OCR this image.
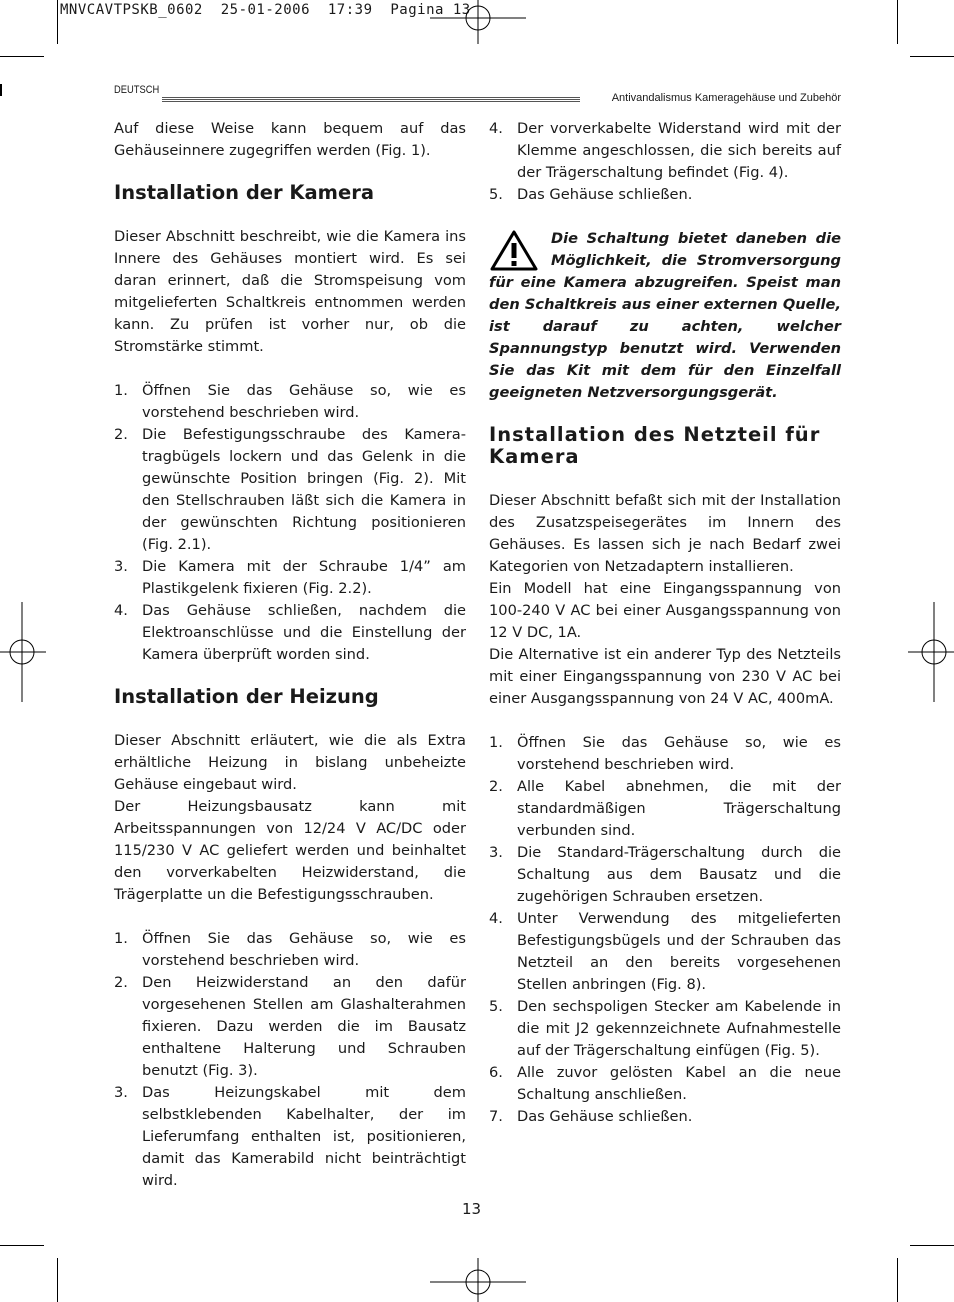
MNVCAVTPSKB_0602  25-01-2006  17:39  Pagina 13
DEUTSCH
Antivandalismus Kameragehäuse und Zubehör

Auf diese Weise kann bequem auf das Gehäuseinnere zugegriffen werden (Fig. 1).

Installation der Kamera

Dieser Abschnitt beschreibt, wie die Kamera ins Innere des Gehäuses montiert wird. Es sei daran erinnert, daß die Stromspeisung vom mitgelieferten Schaltkreis entnommen werden kann. Zu prüfen ist vorher nur, ob die Stromstärke stimmt.

1. Öffnen Sie das Gehäuse so, wie es vorstehend beschrieben wird.
2. Die Befestigungsschraube des Kamera-tragbügels lockern und das Gelenk in die gewünschte Position bringen (Fig. 2). Mit den Stellschrauben läßt sich die Kamera in der gewünschten Richtung positionieren (Fig. 2.1).
3. Die Kamera mit der Schraube 1/4” am Plastikgelenk fixieren (Fig. 2.2).
4. Das Gehäuse schließen, nachdem die Elektroanschlüsse und die Einstellung der Kamera überprüft worden sind.
Installation der Heizung

Dieser Abschnitt erläutert, wie die als Extra erhältliche Heizung in bislang unbeheizte Gehäuse eingebaut wird.

Der Heizungsbausatz kann mit Arbeitsspannungen von 12/24 V AC/DC oder 115/230 V AC geliefert werden und beinhaltet den vorverkabelten Heizwiderstand, die Trägerplatte un die Befestigungsschrauben.

1. Öffnen Sie das Gehäuse so, wie es vorstehend beschrieben wird.
2. Den Heizwiderstand an den dafür vorgesehenen Stellen am Glashalterahmen fixieren. Dazu werden die im Bausatz enthaltene Halterung und Schrauben benutzt (Fig. 3).
3. Das Heizungskabel mit dem selbstklebenden Kabelhalter, der im Lieferumfang enthalten ist, positionieren, damit das Kamerabild nicht beinträchtigt wird.
4. Der vorverkabelte Widerstand wird mit der Klemme angeschlossen, die sich bereits auf der Trägerschaltung befindet (Fig. 4).
5. Das Gehäuse schließen.
Die Schaltung bietet daneben die Möglichkeit, die Stromversorgung für eine Kamera abzugreifen. Speist man den Schaltkreis aus einer externen Quelle, ist darauf zu achten, welcher Spannungstyp benutzt wird. Verwenden Sie das Kit mit dem für den Einzelfall geeigneten Netzversorgungsgerät.
Installation des Netzteil für Kamera

Dieser Abschnitt befaßt sich mit der Installation des Zusatzspeisegerätes im Innern des Gehäuses. Es lassen sich je nach Bedarf zwei Kategorien von Netzadaptern installieren.

Ein Modell hat eine Eingangsspannung von 100-240 V AC bei einer Ausgangsspannung von 12 V DC, 1A.

Die Alternative ist ein anderer Typ des Netzteils mit einer Eingangsspannung von 230 V AC bei einer Ausgangsspannung von 24 V AC, 400mA.

1. Öffnen Sie das Gehäuse so, wie es vorstehend beschrieben wird.
2. Alle Kabel abnehmen, die mit der standardmäßigen Trägerschaltung verbunden sind.
3. Die Standard-Trägerschaltung durch die Schaltung aus dem Bausatz und die zugehörigen Schrauben ersetzen.
4. Unter Verwendung des mitgelieferten Befestigungsbügels und der Schrauben das Netzteil an den bereits vorgesehenen Stellen anbringen (Fig. 8).
5. Den sechspoligen Stecker am Kabelende in die mit J2 gekennzeichnete Aufnahmestelle auf der Trägerschaltung einfügen (Fig. 5).
6. Alle zuvor gelösten Kabel an die neue Schaltung anschließen.
7. Das Gehäuse schließen.
13
